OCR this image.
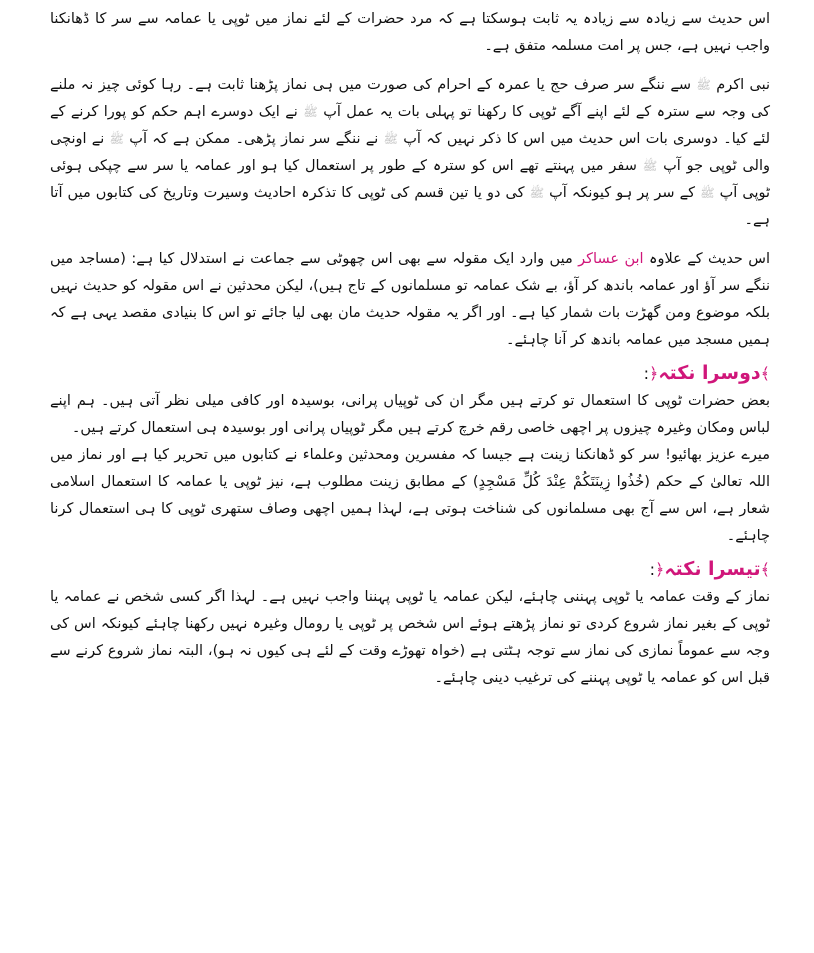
اس حدیث سے زیادہ سے زیادہ یہ ثابت ہوسکتا ہے کہ مرد حضرات کے لئے نماز میں ٹوپی یا عمامہ سے سر کا ڈھانکنا واجب نہیں ہے، جس پر امت مسلمہ متفق ہے۔

نبی اکرم ﷺ سے ننگے سر صرف حج یا عمرہ کے احرام کی صورت میں ہی نماز پڑھنا ثابت ہے۔ رہا کوئی چیز نہ ملنے کی وجہ سے سترہ کے لئے اپنے آگے ٹوپی کا رکھنا تو پہلی بات یہ عمل آپ ﷺ نے ایک دوسرے اہم حکم کو پورا کرنے کے لئے کیا۔ دوسری بات اس حدیث میں اس کا ذکر نہیں کہ آپ ﷺ نے ننگے سر نماز پڑھی۔ ممکن ہے کہ آپ ﷺ نے اونچی والی ٹوپی جو آپ ﷺ سفر میں پہنتے تھے اس کو سترہ کے طور پر استعمال کیا ہو اور عمامہ یا سر سے چپکی ہوئی ٹوپی آپ ﷺ کے سر پر ہو کیونکہ آپ ﷺ کی دو یا تین قسم کی ٹوپی کا تذکرہ احادیث وسیرت وتاریخ کی کتابوں میں آتا ہے۔

اس حدیث کے علاوہ ابن عساکر میں وارد ایک مقولہ سے بھی اس چھوٹی سے جماعت نے استدلال کیا ہے: (مساجد میں ننگے سر آؤ اور عمامہ باندھ کر آؤ، بے شک عمامہ تو مسلمانوں کے تاج ہیں)، لیکن محدثین نے اس مقولہ کو حدیث نہیں بلکہ موضوع ومن گھڑت بات شمار کیا ہے۔ اور اگر یہ مقولہ حدیث مان بھی لیا جائے تو اس کا بنیادی مقصد یہی ہے کہ ہمیں مسجد میں عمامہ باندھ کر آنا چاہئے۔

﴾دوسرا نکتہ﴿:

بعض حضرات ٹوپی کا استعمال تو کرتے ہیں مگر ان کی ٹوپیاں پرانی، بوسیدہ اور کافی میلی نظر آتی ہیں۔ ہم اپنے لباس ومکان وغیرہ چیزوں پر اچھی خاصی رقم خرچ کرتے ہیں مگر ٹوپیاں پرانی اور بوسیدہ ہی استعمال کرتے ہیں۔

میرے عزیز بھائیو! سر کو ڈھانکنا زینت ہے جیسا کہ مفسرین ومحدثین وعلماء نے کتابوں میں تحریر کیا ہے اور نماز میں اللہ تعالیٰ کے حکم (خُذُوا زِينَتَكُمْ عِنْدَ كُلِّ مَسْجِدٍ) کے مطابق زینت مطلوب ہے، نیز ٹوپی یا عمامہ کا استعمال اسلامی شعار ہے، اس سے آج بھی مسلمانوں کی شناخت ہوتی ہے، لہذا ہمیں اچھی وصاف ستھری ٹوپی کا ہی استعمال کرنا چاہئے۔

﴾تیسرا نکتہ﴿:

نماز کے وقت عمامہ یا ٹوپی پہننی چاہئے، لیکن عمامہ یا ٹوپی پہننا واجب نہیں ہے۔ لہذا اگر کسی شخص نے عمامہ یا ٹوپی کے بغیر نماز شروع کردی تو نماز پڑھتے ہوئے اس شخص پر ٹوپی یا رومال وغیرہ نہیں رکھنا چاہئے کیونکہ اس کی وجہ سے عموماً نمازی کی نماز سے توجہ ہٹتی ہے (خواہ تھوڑے وقت کے لئے ہی کیوں نہ ہو)، البتہ نماز شروع کرنے سے قبل اس کو عمامہ یا ٹوپی پہننے کی ترغیب دینی چاہئے۔
